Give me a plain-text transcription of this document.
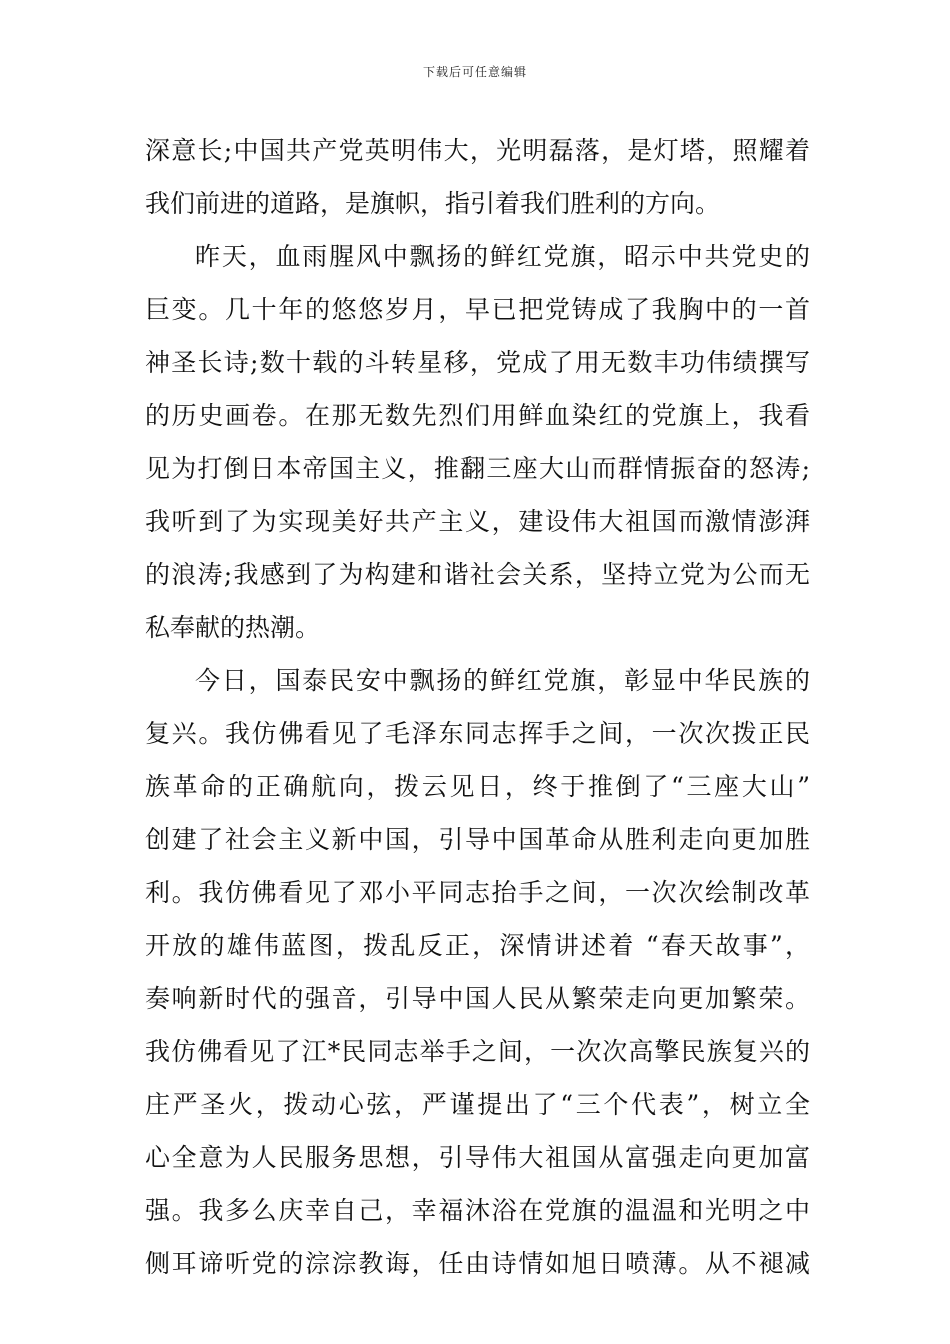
下载后可任意编辑
深意长;中国共产党英明伟大，光明磊落，是灯塔，照耀着
我们前进的道路，是旗帜，指引着我们胜利的方向。
昨天，血雨腥风中飘扬的鲜红党旗，昭示中共党史的
巨变。几十年的悠悠岁月，早已把党铸成了我胸中的一首
神圣长诗;数十载的斗转星移，党成了用无数丰功伟绩撰写
的历史画卷。在那无数先烈们用鲜血染红的党旗上，我看
见为打倒日本帝国主义，推翻三座大山而群情振奋的怒涛;
我听到了为实现美好共产主义，建设伟大祖国而激情澎湃
的浪涛;我感到了为构建和谐社会关系，坚持立党为公而无
私奉献的热潮。
今日，国泰民安中飘扬的鲜红党旗，彰显中华民族的
复兴。我仿佛看见了毛泽东同志挥手之间，一次次拨正民
族革命的正确航向，拨云见日，终于推倒了“三座大山”
创建了社会主义新中国，引导中国革命从胜利走向更加胜
利。我仿佛看见了邓小平同志抬手之间，一次次绘制改革
开放的雄伟蓝图，拨乱反正，深情讲述着 “春天故事”，
奏响新时代的强音，引导中国人民从繁荣走向更加繁荣。
我仿佛看见了江*民同志举手之间，一次次高擎民族复兴的
庄严圣火，拨动心弦，严谨提出了“三个代表”，树立全
心全意为人民服务思想，引导伟大祖国从富强走向更加富
强。我多么庆幸自己，幸福沐浴在党旗的温温和光明之中
侧耳谛听党的淙淙教诲，任由诗情如旭日喷薄。从不褪减
